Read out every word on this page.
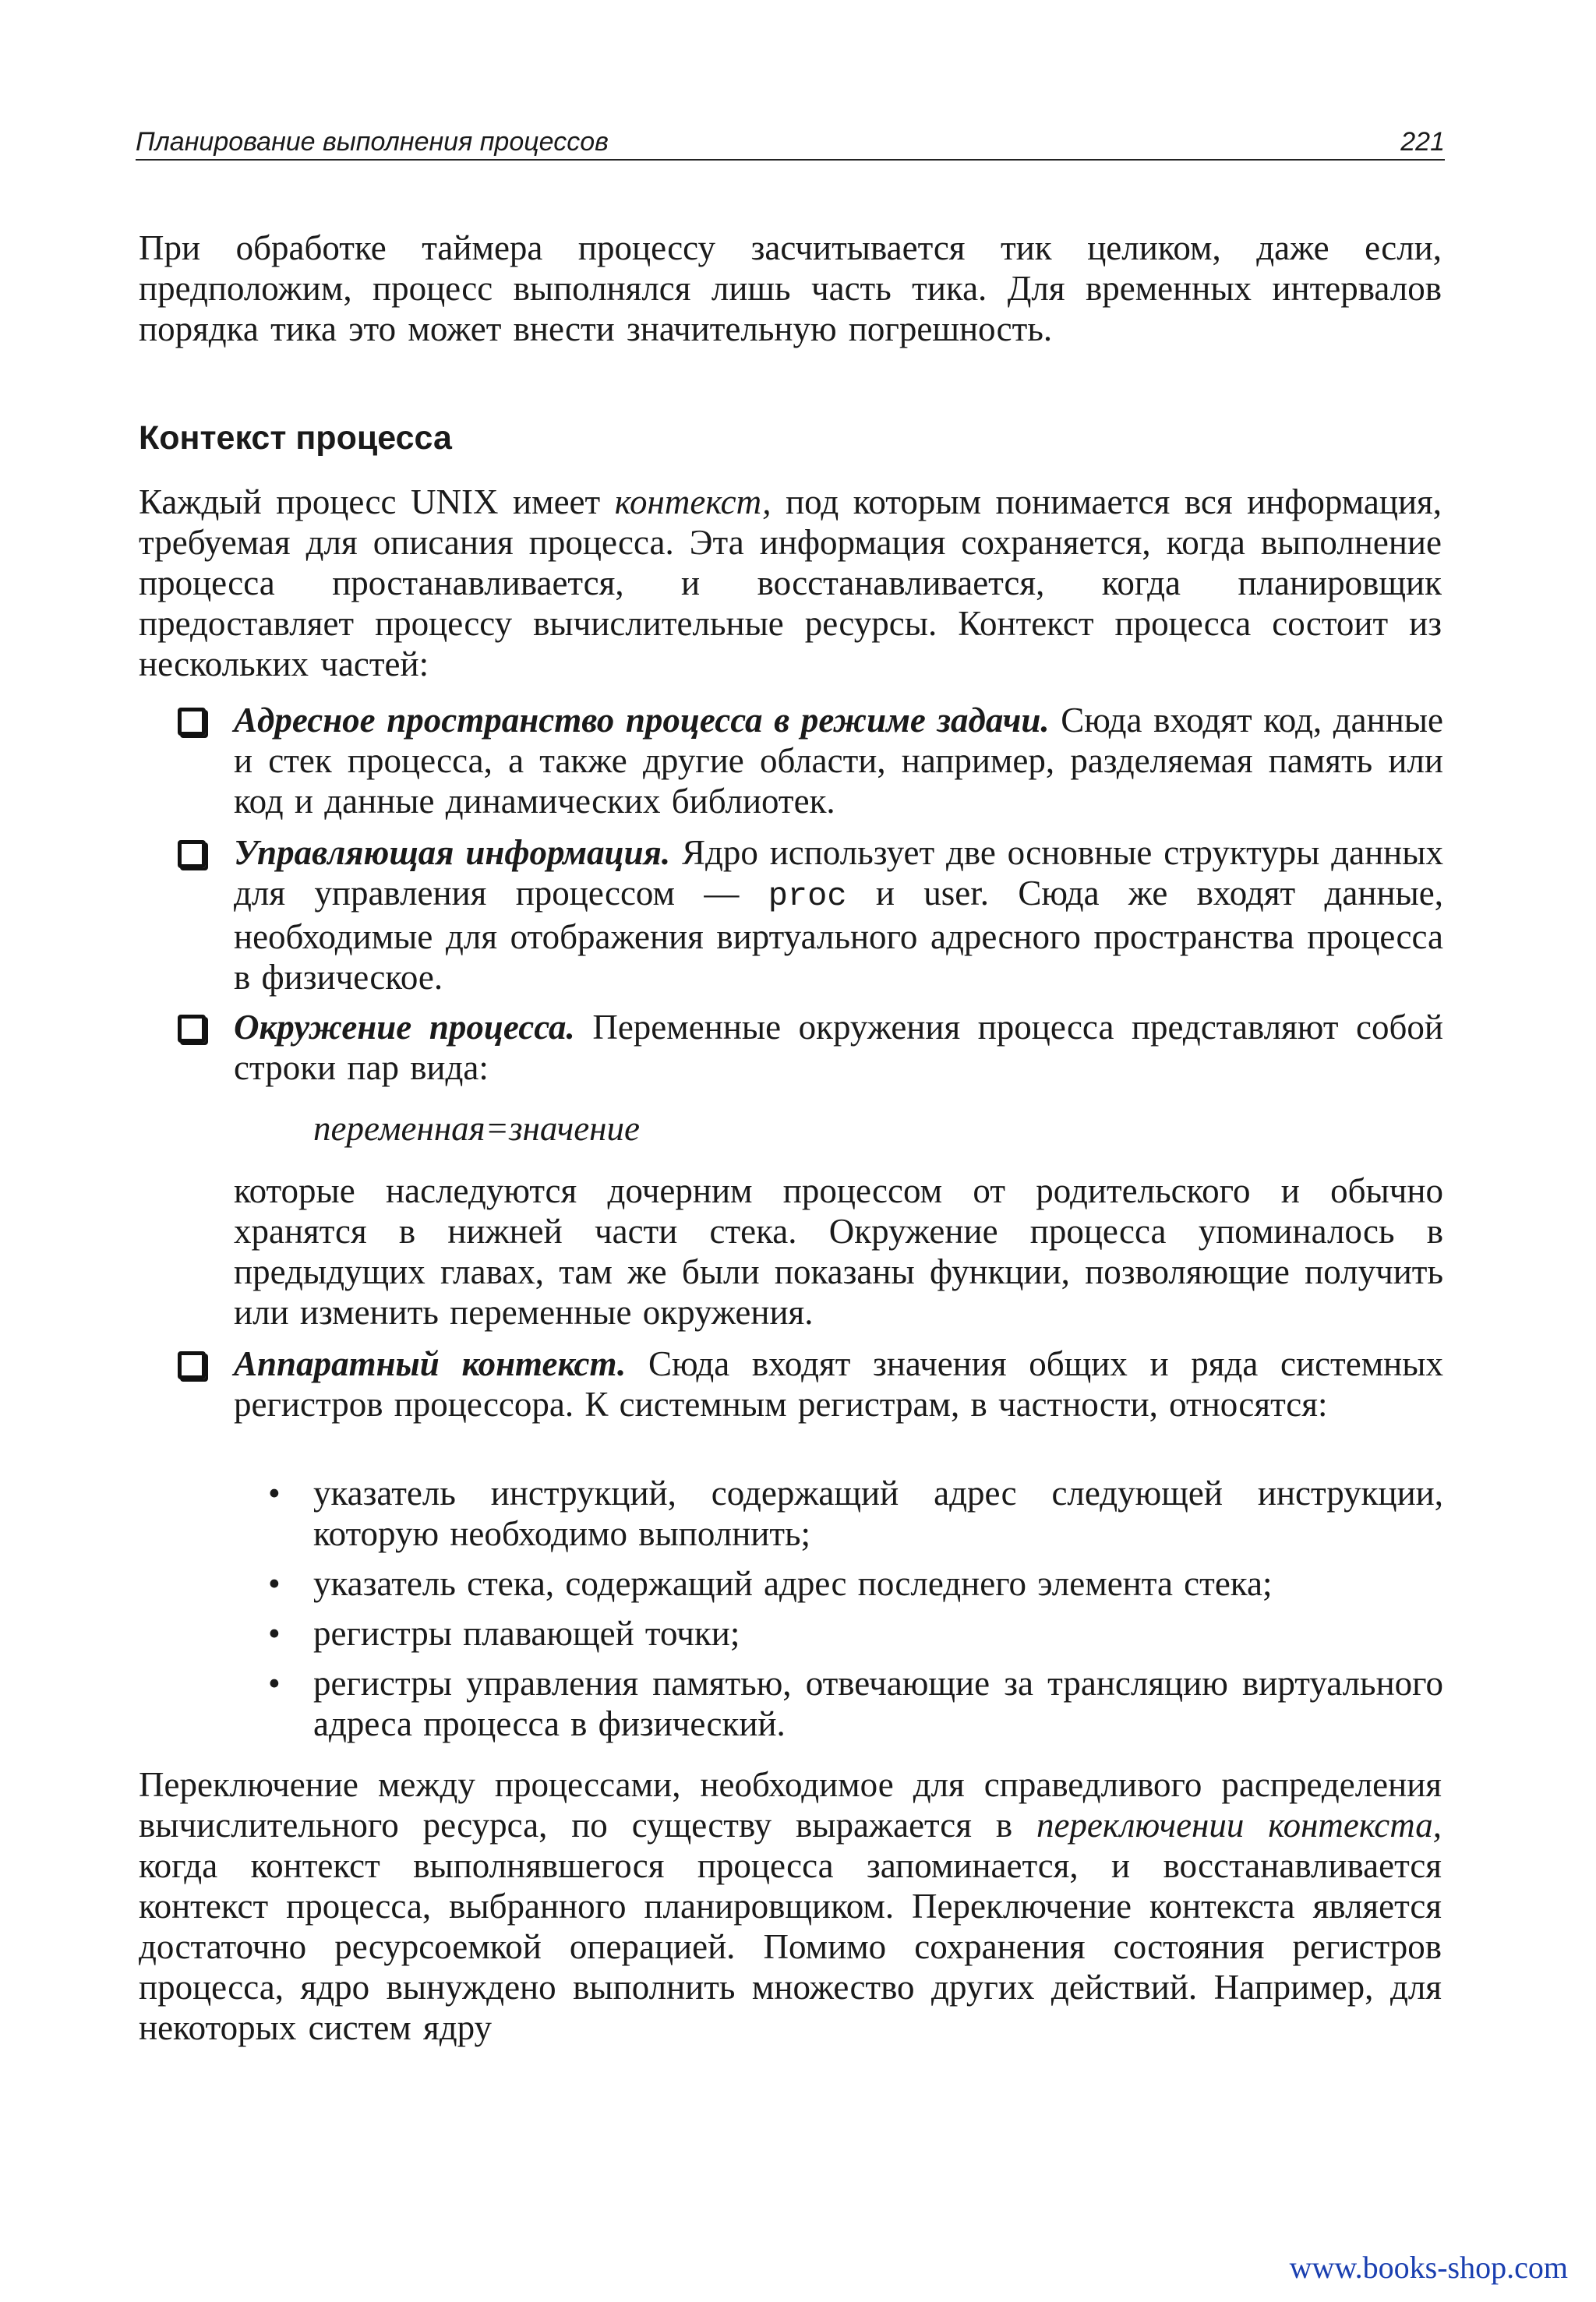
Планирование выполнения процессов	221
При обработке таймера процессу засчитывается тик целиком, даже если, предположим, процесс выполнялся лишь часть тика. Для временных интервалов порядка тика это может внести значительную погрешность.
Контекст процесса
Каждый процесс UNIX имеет контекст, под которым понимается вся информация, требуемая для описания процесса. Эта информация сохраняется, когда выполнение процесса простанавливается, и восстанавливается, когда планировщик предоставляет процессу вычислительные ресурсы. Контекст процесса состоит из нескольких частей:
Адресное пространство процесса в режиме задачи. Сюда входят код, данные и стек процесса, а также другие области, например, разделяемая память или код и данные динамических библиотек.
Управляющая информация. Ядро использует две основные структуры данных для управления процессом — proc и user. Сюда же входят данные, необходимые для отображения виртуального адресного пространства процесса в физическое.
Окружение процесса. Переменные окружения процесса представляют собой строки пар вида:
переменная=значение
которые наследуются дочерним процессом от родительского и обычно хранятся в нижней части стека. Окружение процесса упоминалось в предыдущих главах, там же были показаны функции, позволяющие получить или изменить переменные окружения.
Аппаратный контекст. Сюда входят значения общих и ряда системных регистров процессора. К системным регистрам, в частности, относятся:
• указатель инструкций, содержащий адрес следующей инструкции, которую необходимо выполнить;
• указатель стека, содержащий адрес последнего элемента стека;
• регистры плавающей точки;
• регистры управления памятью, отвечающие за трансляцию виртуального адреса процесса в физический.
Переключение между процессами, необходимое для справедливого распределения вычислительного ресурса, по существу выражается в переключении контекста, когда контекст выполнявшегося процесса запоминается, и восстанавливается контекст процесса, выбранного планировщиком. Переключение контекста является достаточно ресурсоемкой операцией. Помимо сохранения состояния регистров процесса, ядро вынуждено выполнить множество других действий. Например, для некоторых систем ядру
www.books-shop.com
